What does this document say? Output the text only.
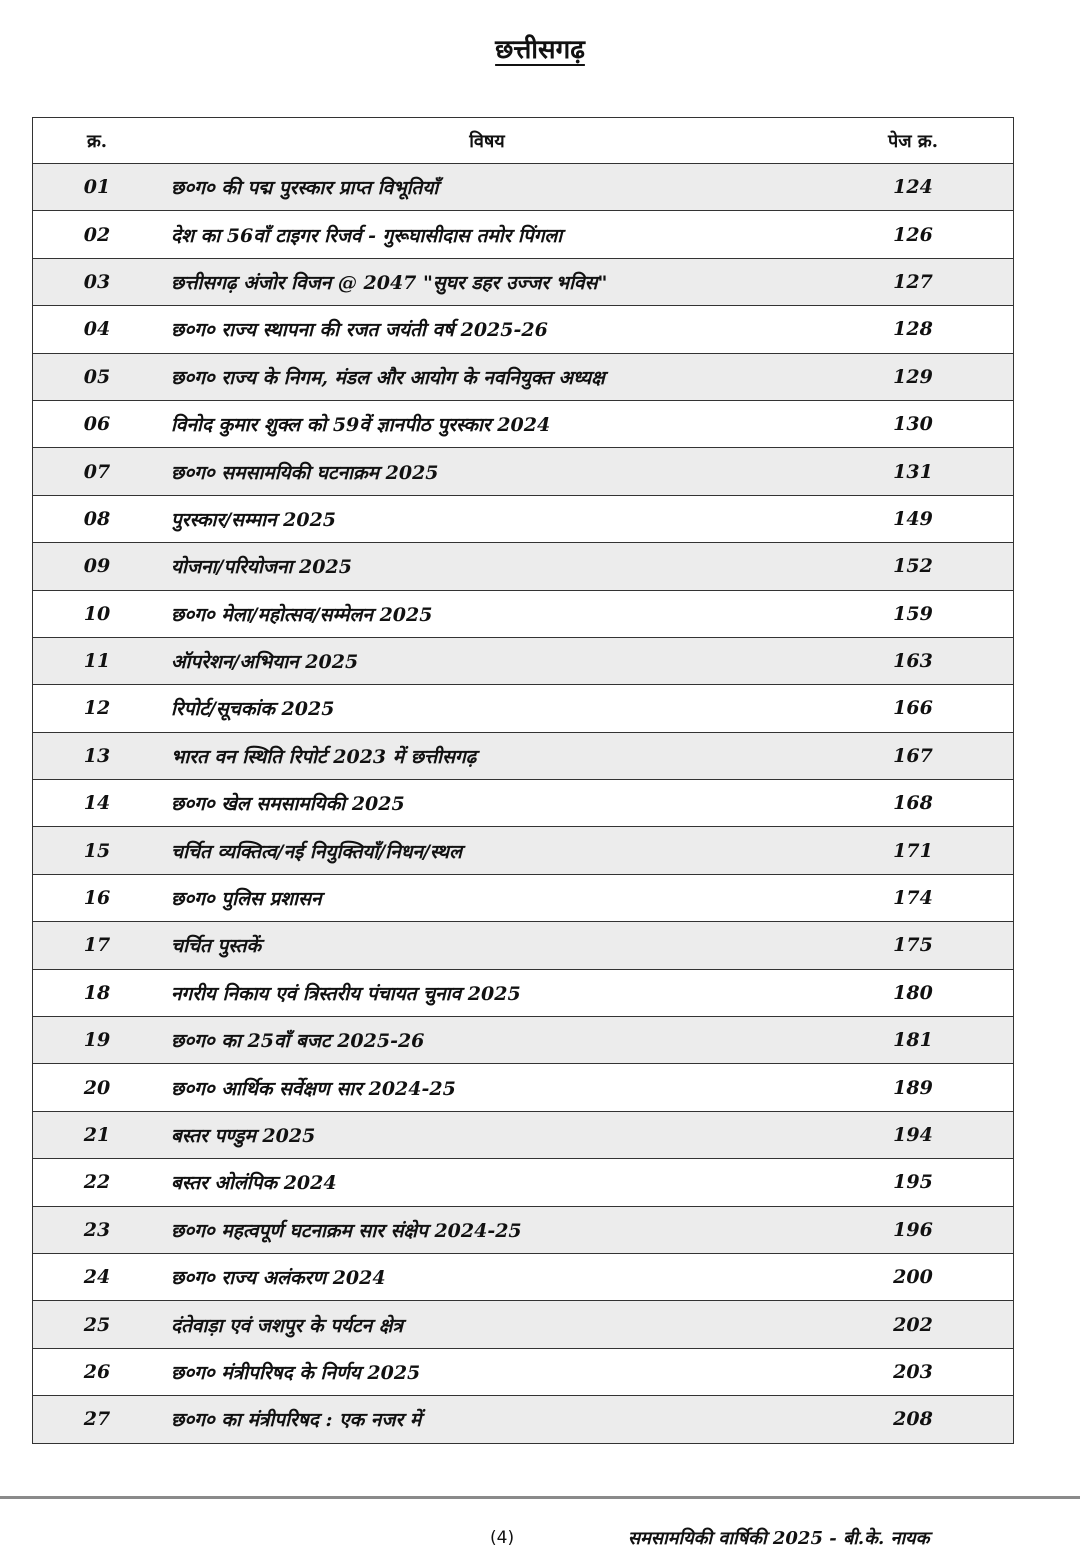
छत्तीसगढ़
क्र.	विषय	पेज क्र.
01	छ०ग० की पद्म पुरस्कार प्राप्त विभूतियाँ	124
02	देश का 56वाँ टाइगर रिजर्व - गुरूघासीदास तमोर पिंगला	126
03	छत्तीसगढ़ अंजोर विजन @ 2047 "सुघर डहर उज्जर भविस"	127
04	छ०ग० राज्य स्थापना की रजत जयंती वर्ष 2025-26	128
05	छ०ग० राज्य के निगम, मंडल और आयोग के नवनियुक्त अध्यक्ष	129
06	विनोद कुमार शुक्ल को 59वें ज्ञानपीठ पुरस्कार 2024	130
07	छ०ग० समसामयिकी घटनाक्रम 2025	131
08	पुरस्कार/सम्मान 2025	149
09	योजना/परियोजना 2025	152
10	छ०ग० मेला/महोत्सव/सम्मेलन 2025	159
11	ऑपरेशन/अभियान 2025	163
12	रिपोर्ट/सूचकांक 2025	166
13	भारत वन स्थिति रिपोर्ट 2023 में छत्तीसगढ़	167
14	छ०ग० खेल समसामयिकी 2025	168
15	चर्चित व्यक्तित्व/नई नियुक्तियाँ/निधन/स्थल	171
16	छ०ग० पुलिस प्रशासन	174
17	चर्चित पुस्तकें	175
18	नगरीय निकाय एवं त्रिस्तरीय पंचायत चुनाव 2025	180
19	छ०ग० का 25वाँ बजट 2025-26	181
20	छ०ग० आर्थिक सर्वेक्षण सार 2024-25	189
21	बस्तर पण्डुम 2025	194
22	बस्तर ओलंपिक 2024	195
23	छ०ग० महत्वपूर्ण घटनाक्रम सार संक्षेप 2024-25	196
24	छ०ग० राज्य अलंकरण 2024	200
25	दंतेवाड़ा एवं जशपुर के पर्यटन क्षेत्र	202
26	छ०ग० मंत्रीपरिषद के निर्णय 2025	203
27	छ०ग० का मंत्रीपरिषद : एक नजर में	208
(4)	समसामयिकी वार्षिकी 2025 - बी.के. नायक
